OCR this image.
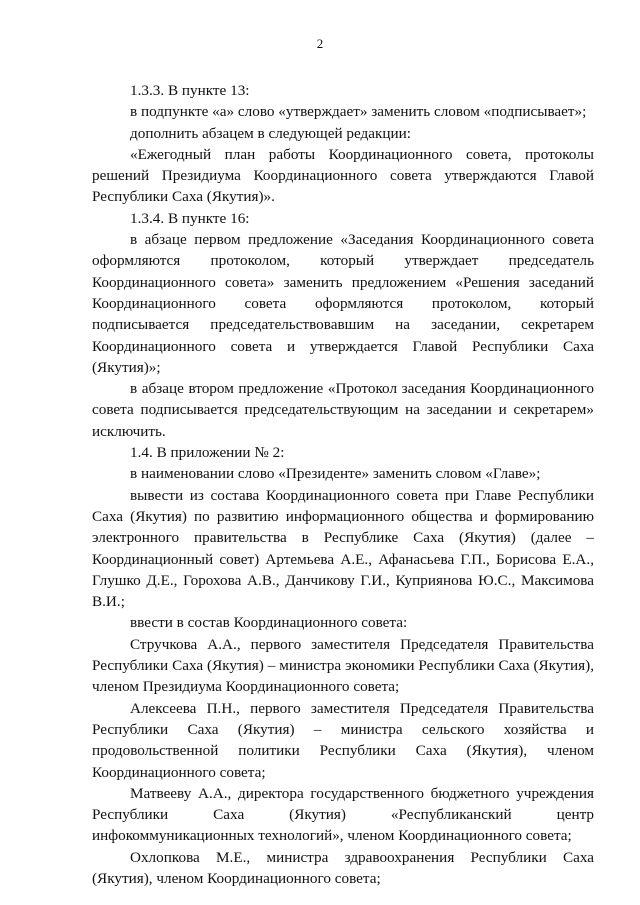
2

1.3.3. В пункте 13:

в подпункте «а» слово «утверждает» заменить словом «подписывает»;

дополнить абзацем в следующей редакции:

«Ежегодный план работы Координационного совета, протоколы решений Президиума Координационного совета утверждаются Главой Республики Саха (Якутия)».

1.3.4. В пункте 16:

в абзаце первом предложение «Заседания Координационного совета оформляются протоколом, который утверждает председатель Координационного совета» заменить предложением «Решения заседаний Координационного совета оформляются протоколом, который подписывается председательствовавшим на заседании, секретарем Координационного совета и утверждается Главой Республики Саха (Якутия)»;

в абзаце втором предложение «Протокол заседания Координационного совета подписывается председательствующим на заседании и секретарем» исключить.

1.4. В приложении № 2:

в наименовании слово «Президенте» заменить словом «Главе»;

вывести из состава Координационного совета при Главе Республики Саха (Якутия) по развитию информационного общества и формированию электронного правительства в Республике Саха (Якутия) (далее – Координационный совет) Артемьева А.Е., Афанасьева Г.П., Борисова Е.А., Глушко Д.Е., Горохова А.В., Данчикову Г.И., Куприянова Ю.С., Максимова В.И.;

ввести в состав Координационного совета:

Стручкова А.А., первого заместителя Председателя Правительства Республики Саха (Якутия) – министра экономики Республики Саха (Якутия), членом Президиума Координационного совета;

Алексеева П.Н., первого заместителя Председателя Правительства Республики Саха (Якутия) – министра сельского хозяйства и продовольственной политики Республики Саха (Якутия), членом Координационного совета;

Матвееву А.А., директора государственного бюджетного учреждения Республики Саха (Якутия) «Республиканский центр инфокоммуникационных технологий», членом Координационного совета;

Охлопкова М.Е., министра здравоохранения Республики Саха (Якутия), членом Координационного совета;
